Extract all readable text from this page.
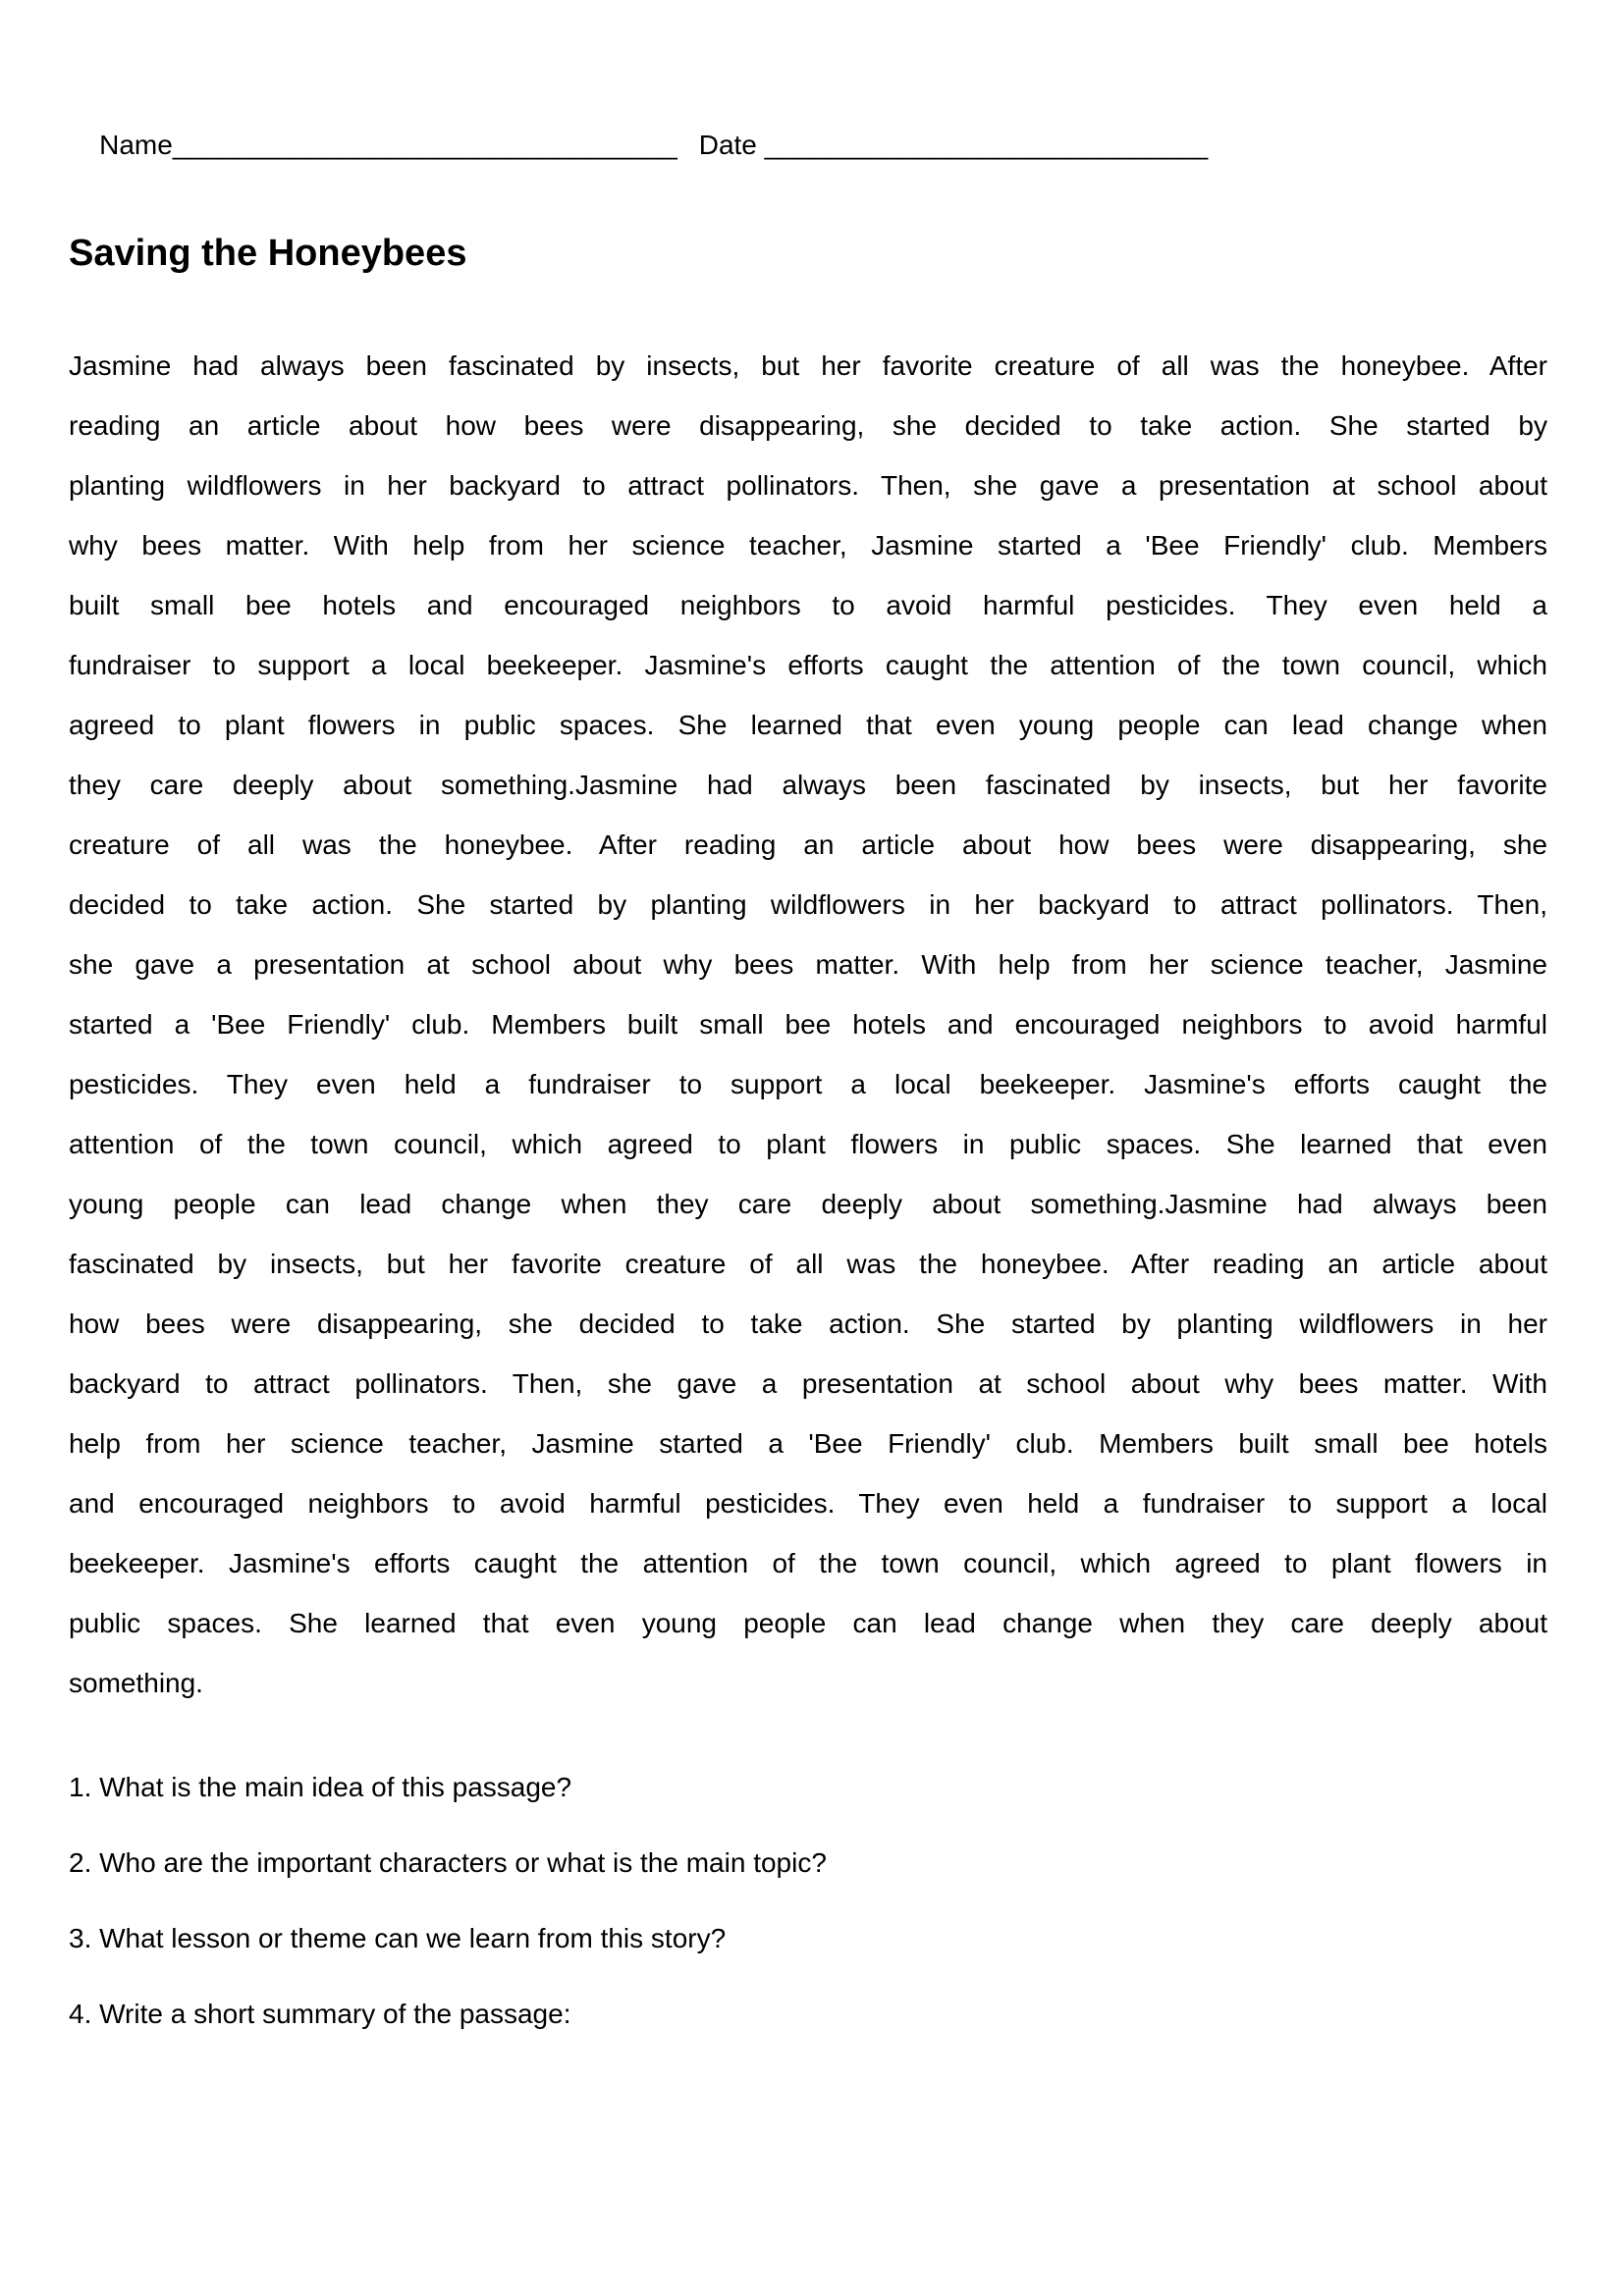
Name_________________________________ Date _____________________________

Saving the Honeybees

Jasmine had always been fascinated by insects, but her favorite creature of all was the honeybee. After reading an article about how bees were disappearing, she decided to take action. She started by planting wildflowers in her backyard to attract pollinators. Then, she gave a presentation at school about why bees matter. With help from her science teacher, Jasmine started a 'Bee Friendly' club. Members built small bee hotels and encouraged neighbors to avoid harmful pesticides. They even held a fundraiser to support a local beekeeper. Jasmine's efforts caught the attention of the town council, which agreed to plant flowers in public spaces. She learned that even young people can lead change when they care deeply about something.Jasmine had always been fascinated by insects, but her favorite creature of all was the honeybee. After reading an article about how bees were disappearing, she decided to take action. She started by planting wildflowers in her backyard to attract pollinators. Then, she gave a presentation at school about why bees matter. With help from her science teacher, Jasmine started a 'Bee Friendly' club. Members built small bee hotels and encouraged neighbors to avoid harmful pesticides. They even held a fundraiser to support a local beekeeper. Jasmine's efforts caught the attention of the town council, which agreed to plant flowers in public spaces. She learned that even young people can lead change when they care deeply about something.Jasmine had always been fascinated by insects, but her favorite creature of all was the honeybee. After reading an article about how bees were disappearing, she decided to take action. She started by planting wildflowers in her backyard to attract pollinators. Then, she gave a presentation at school about why bees matter. With help from her science teacher, Jasmine started a 'Bee Friendly' club. Members built small bee hotels and encouraged neighbors to avoid harmful pesticides. They even held a fundraiser to support a local beekeeper. Jasmine's efforts caught the attention of the town council, which agreed to plant flowers in public spaces. She learned that even young people can lead change when they care deeply about something.

1. What is the main idea of this passage?
2. Who are the important characters or what is the main topic?
3. What lesson or theme can we learn from this story?
4. Write a short summary of the passage:
